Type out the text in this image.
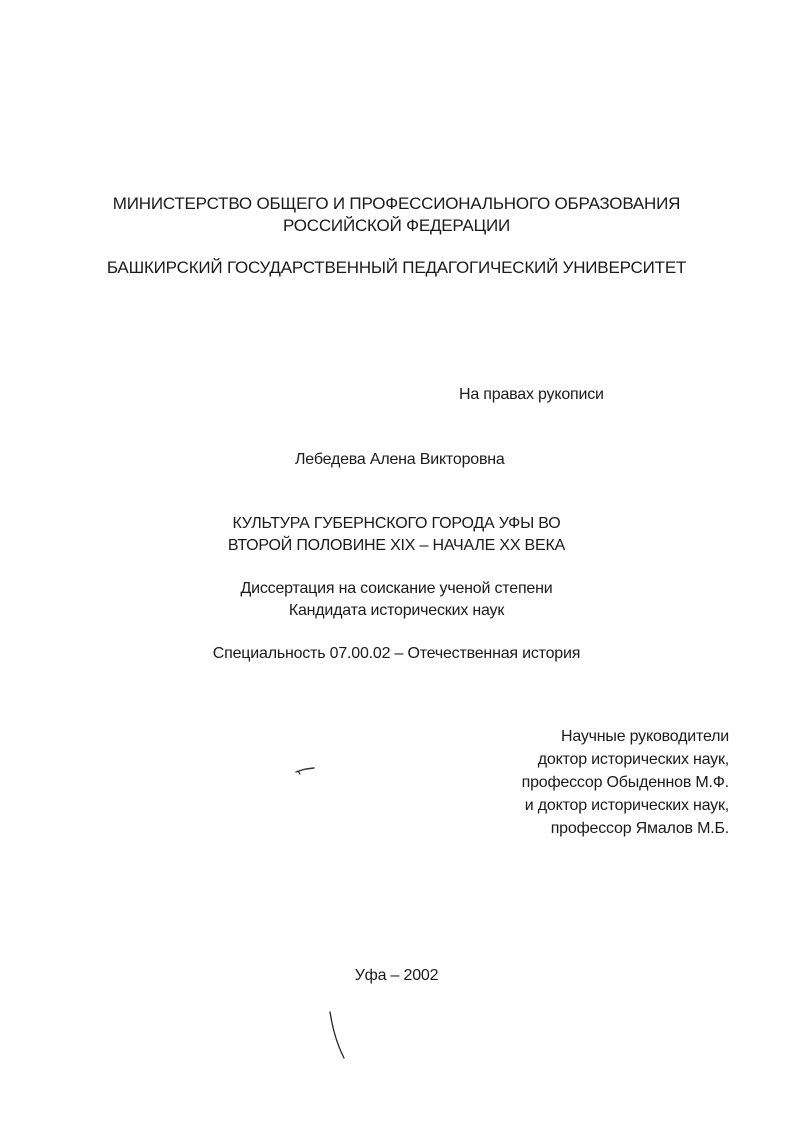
МИНИСТЕРСТВО ОБЩЕГО И ПРОФЕССИОНАЛЬНОГО ОБРАЗОВАНИЯ
РОССИЙСКОЙ ФЕДЕРАЦИИ
БАШКИРСКИЙ ГОСУДАРСТВЕННЫЙ ПЕДАГОГИЧЕСКИЙ УНИВЕРСИТЕТ
На правах рукописи
Лебедева Алена Викторовна
КУЛЬТУРА ГУБЕРНСКОГО ГОРОДА УФЫ ВО
ВТОРОЙ ПОЛОВИНЕ XIX – НАЧАЛЕ XX ВЕКА
Диссертация на соискание ученой степени
Кандидата исторических наук
Специальность 07.00.02 – Отечественная история
Научные руководители
доктор исторических наук,
профессор Обыденнов М.Ф.
и доктор исторических наук,
профессор Ямалов М.Б.
Уфа – 2002
